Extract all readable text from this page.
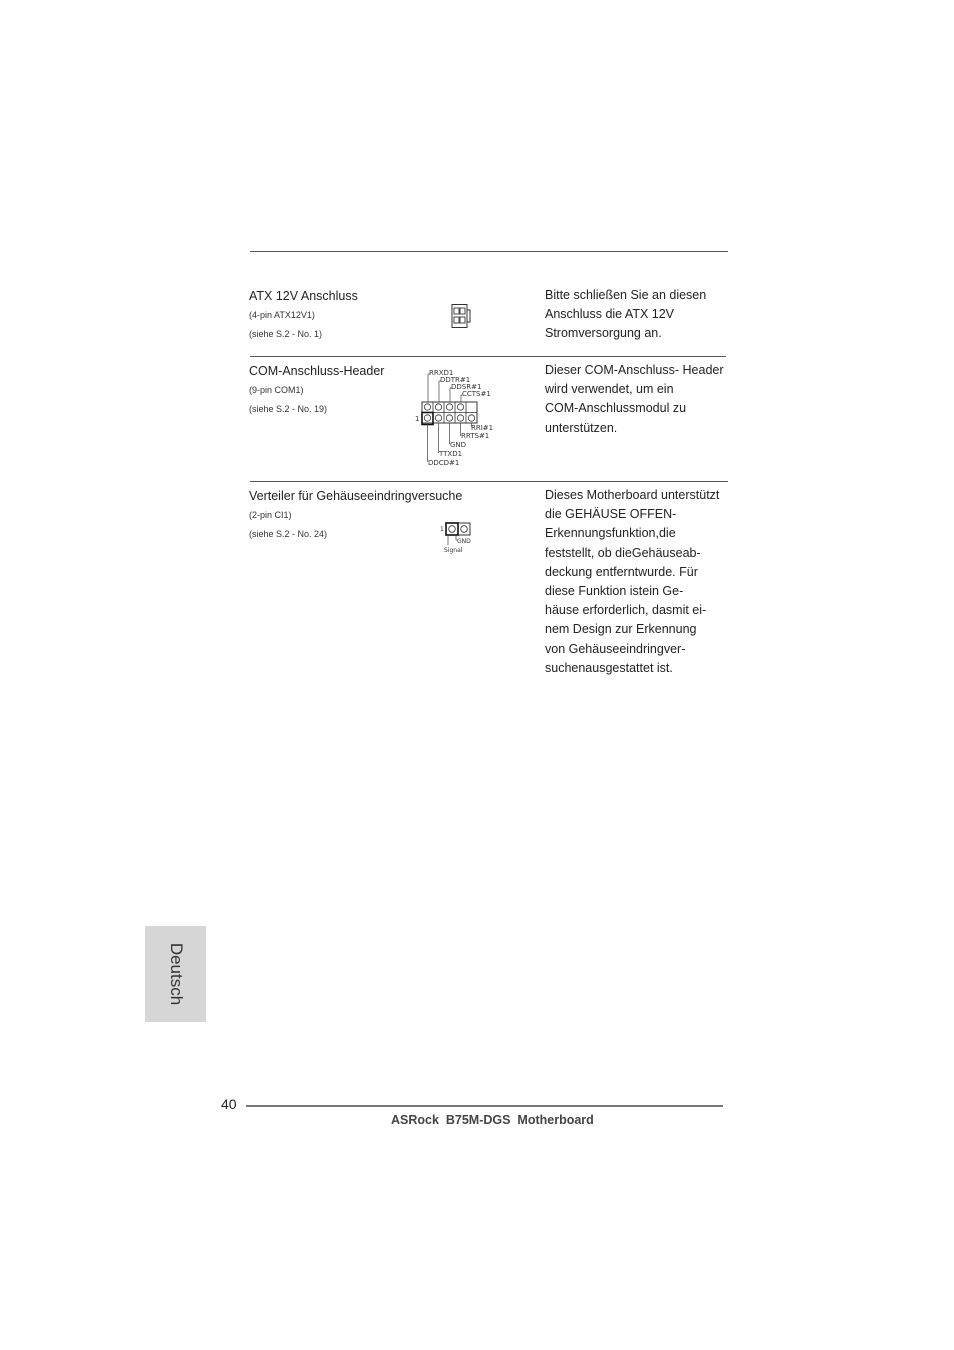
ATX 12V Anschluss
(4-pin ATX12V1)
(siehe S.2 - No. 1)
Bitte schließen Sie an diesen
Anschluss die ATX 12V
Stromversorgung an.
COM-Anschluss-Header
(9-pin COM1)
(siehe S.2 - No. 19)
RRXD1
DDTR#1
DDSR#1
CCTS#1
1
RRI#1
RRTS#1
GND
TTXD1
DDCD#1
Dieser COM-Anschluss- Header
wird verwendet, um ein
COM-Anschlussmodul zu
unterstützen.
Verteiler für Gehäuseeindringversuche
(2-pin CI1)
(siehe S.2 - No. 24)	1
GND
Signal
Dieses Motherboard unterstützt
die GEHÄUSE OFFEN-
Erkennungsfunktion,die
feststellt, ob dieGehäuseab-
deckung entferntwurde. Für
diese Funktion istein Ge-
häuse erforderlich, dasmit ei-
nem Design zur Erkennung
von Gehäuseeindringver-
suchenausgestattet ist.
Deutsch
40
ASRock  B75M-DGS  Motherboard
